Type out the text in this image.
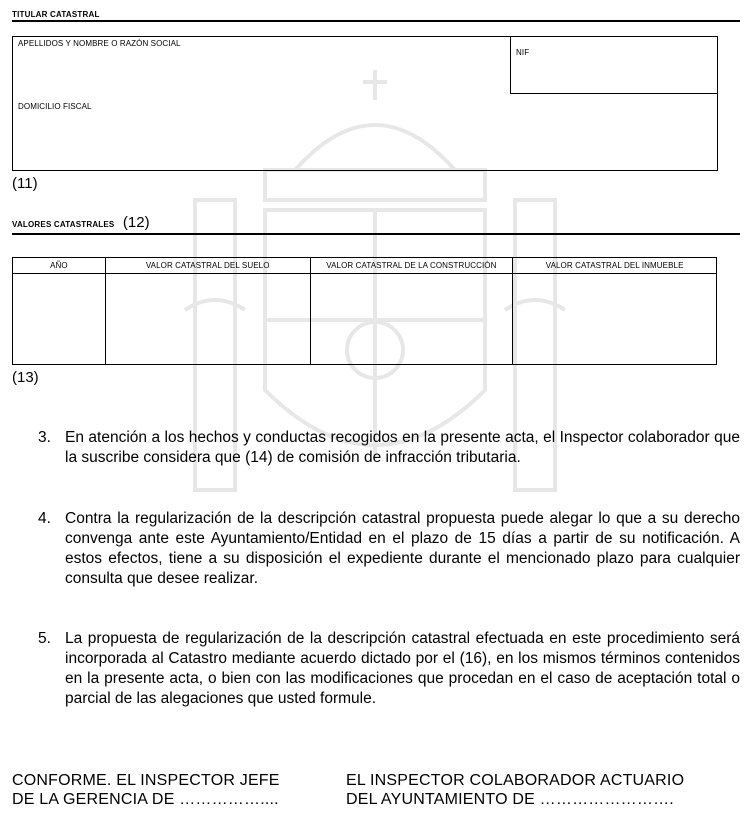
TITULAR CATASTRAL
APELLIDOS Y NOMBRE O RAZÓN SOCIAL
DOMICILIO FISCAL
NIF
(11)
VALORES CATASTRALES (12)
AÑO	VALOR CATASTRAL DEL SUELO	VALOR CATASTRAL DE LA CONSTRUCCIÓN	VALOR CATASTRAL DEL INMUEBLE

(13)
3. En atención a los hechos y conductas recogidos en la presente acta, el Inspector colaborador que la suscribe considera que (14) de comisión de infracción tributaria.
4. Contra la regularización de la descripción catastral propuesta puede alegar lo que a su derecho convenga ante este Ayuntamiento/Entidad en el plazo de 15 días a partir de su notificación. A estos efectos, tiene a su disposición el expediente durante el mencionado plazo para cualquier consulta que desee realizar.
5. La propuesta de regularización de la descripción catastral efectuada en este procedimiento será incorporada al Catastro mediante acuerdo dictado por el (16), en los mismos términos contenidos en la presente acta, o bien con las modificaciones que procedan en el caso de aceptación total o parcial de las alegaciones que usted formule.
CONFORME. EL INSPECTOR JEFE
DE LA GERENCIA DE ……………....
EL INSPECTOR COLABORADOR ACTUARIO
DEL AYUNTAMIENTO DE …………………….
